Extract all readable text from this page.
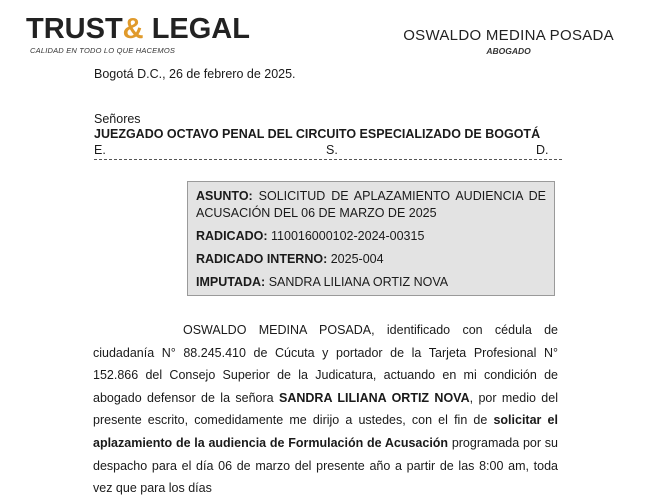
TRUST& LEGAL
CALIDAD EN TODO LO QUE HACEMOS
OSWALDO MEDINA POSADA
ABOGADO
Bogotá D.C., 26 de febrero de 2025.
Señores
JUEZGADO OCTAVO PENAL DEL CIRCUITO ESPECIALIZADO DE BOGOTÁ
E.	S.	D.
ASUNTO: SOLICITUD DE APLAZAMIENTO AUDIENCIA DE ACUSACIÓN DEL 06 DE MARZO DE 2025
RADICADO: 110016000102-2024-00315
RADICADO INTERNO: 2025-004
IMPUTADA: SANDRA LILIANA ORTIZ NOVA

OSWALDO MEDINA POSADA, identificado con cédula de ciudadanía N° 88.245.410 de Cúcuta y portador de la Tarjeta Profesional N° 152.866 del Consejo Superior de la Judicatura, actuando en mi condición de abogado defensor de la señora SANDRA LILIANA ORTIZ NOVA, por medio del presente escrito, comedidamente me dirijo a ustedes, con el fin de solicitar el aplazamiento de la audiencia de Formulación de Acusación programada por su despacho para el día 06 de marzo del presente año a partir de las 8:00 am, toda vez que para los días
